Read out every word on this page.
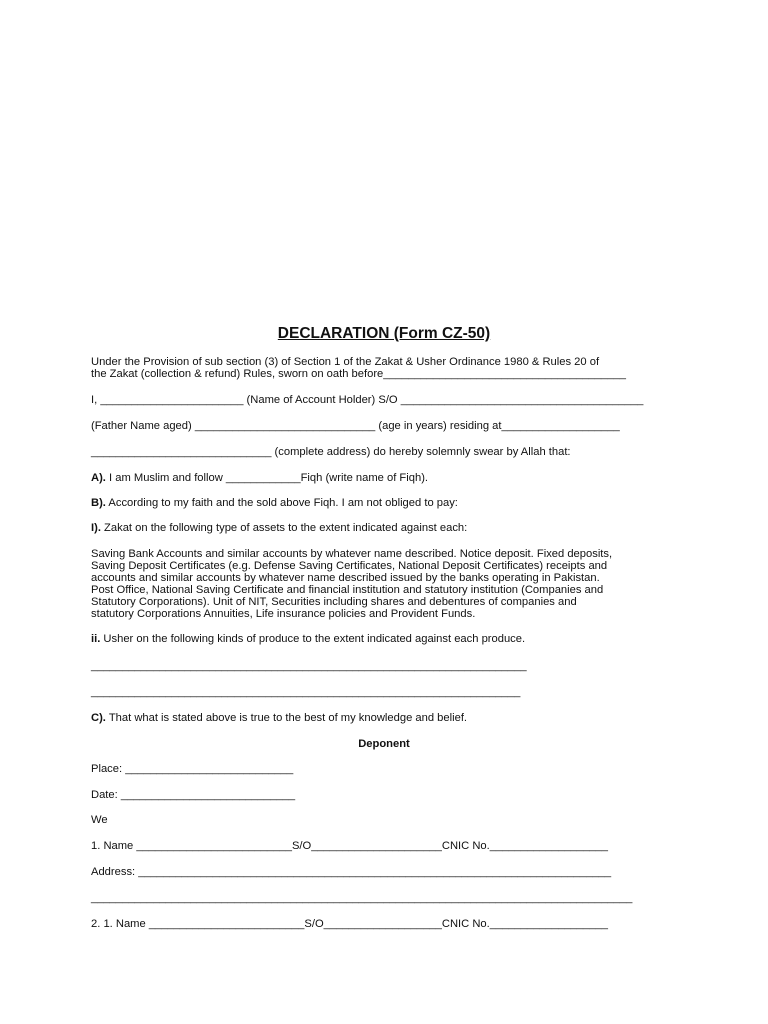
DECLARATION (Form CZ-50)
Under the Provision of sub section (3) of Section 1 of the Zakat & Usher Ordinance 1980 & Rules 20 of
the Zakat (collection & refund) Rules, sworn on oath before_______________________________________
I, _______________________ (Name of Account Holder) S/O _______________________________________
(Father Name aged) _____________________________ (age in years) residing at___________________
_____________________________ (complete address) do hereby solemnly swear by Allah that:
A). I am Muslim and follow ____________Fiqh (write name of Fiqh).
B). According to my faith and the sold above Fiqh. I am not obliged to pay:
I). Zakat on the following type of assets to the extent indicated against each:
Saving Bank Accounts and similar accounts by whatever name described. Notice deposit. Fixed deposits,
Saving Deposit Certificates (e.g. Defense Saving Certificates, National Deposit Certificates) receipts and
accounts and similar accounts by whatever name described issued by the banks operating in Pakistan.
Post Office, National Saving Certificate and financial institution and statutory institution (Companies and
Statutory Corporations). Unit of NIT, Securities including shares and debentures of companies and
statutory Corporations Annuities, Life insurance policies and Provident Funds.
ii. Usher on the following kinds of produce to the extent indicated against each produce.
______________________________________________________________________
_____________________________________________________________________
C). That what is stated above is true to the best of my knowledge and belief.
Deponent
Place: ___________________________
Date: ____________________________
We
1. Name _________________________S/O_____________________CNIC No.___________________
Address: ____________________________________________________________________________
_______________________________________________________________________________________
2. 1. Name _________________________S/O___________________CNIC No.___________________
